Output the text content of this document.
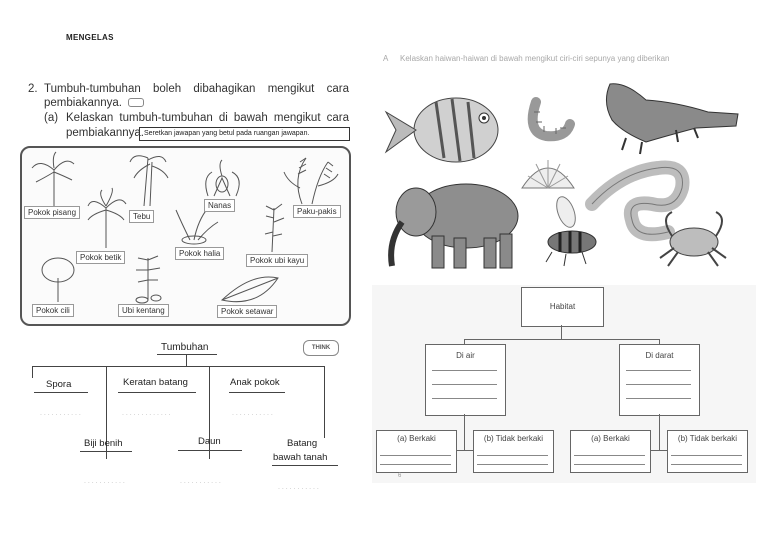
MENGELAS
2. Tumbuh-tumbuhan boleh dibahagikan mengikut cara
pembiakannya.
(a) Kelaskan tumbuh-tumbuhan di bawah mengikut cara
pembiakannya. Seretkan jawapan yang betul pada ruangan jawapan.
Pokok pisang	Tebu
Nanas
Paku-pakis
Pokok betik	Pokok halia
Pokok ubi kayu
Pokok cili	Ubi kentang	Pokok setawar
Tumbuhan	THINK
Spora	Keratan batang	Anak pokok
. . . . . . . . . . .	. . . . . . . . . . . . .	. . . . . . . . . . .
Biji benih	Daun	Batang
bawah tanah
. . . . . . . . . . .	. . . . . . . . . . .
. . . . . . . . . . .
A Kelaskan haiwan-haiwan di bawah mengikut ciri-ciri sepunya yang diberikan
Habitat
Di air	Di darat
(a) Berkaki	(b) Tidak berkaki	(a) Berkaki	(b) Tidak berkaki
6
